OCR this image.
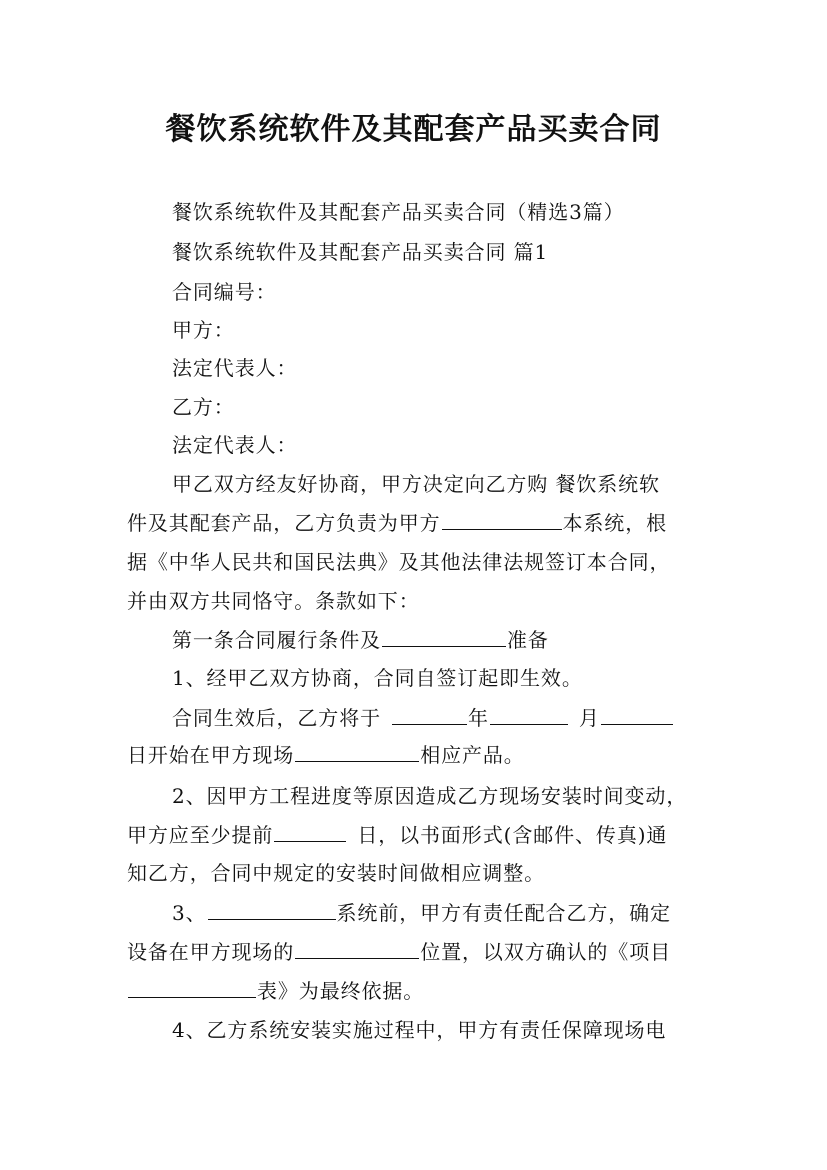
餐饮系统软件及其配套产品买卖合同
餐饮系统软件及其配套产品买卖合同（精选3篇）
餐饮系统软件及其配套产品买卖合同 篇1
合同编号：
甲方：
法定代表人：
乙方：
法定代表人：
甲乙双方经友好协商，甲方决定向乙方购 餐饮系统软
件及其配套产品，乙方负责为甲方	本系统，根
据《中华人民共和国民法典》及其他法律法规签订本合同，
并由双方共同恪守。条款如下：
第一条合同履行条件及	准备
1、经甲乙双方协商，合同自签订起即生效。
合同生效后，乙方将于	年	月
日开始在甲方现场	相应产品。
2、因甲方工程进度等原因造成乙方现场安装时间变动，
甲方应至少提前	日，以书面形式(含邮件、传真)通
知乙方，合同中规定的安装时间做相应调整。
3、	系统前，甲方有责任配合乙方，确定
设备在甲方现场的	位置，以双方确认的《项目
表》为最终依据。
4、乙方系统安装实施过程中，甲方有责任保障现场电
